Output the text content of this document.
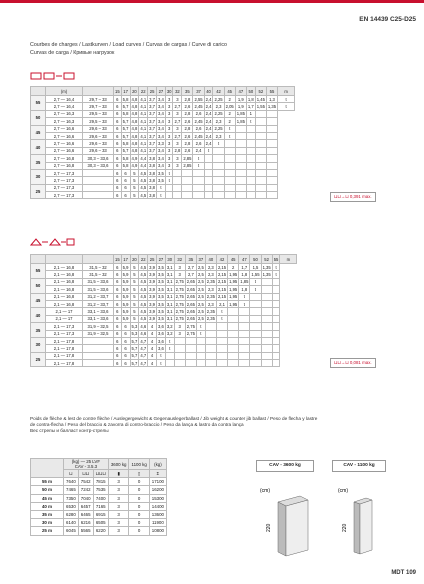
EN 14439 C25-D25
Courbes de charges / Lastkurven / Load curves / Curvas de cargas / Curve di carico
Curvas de carga / Кривые нагрузок
	(m)		15	17	20	22	25	27	30	32	35	37	40	42	45	47	50	52	55	m
55	2,7 — 16,4	29,7 – 33	6	5,8	4,8	4,1	3,7	3,4	3	3	2,8	2,55	2,4	2,25	2	1,9	1,8	1,45	1,3	t
	2,7 — 16,4	29,7 – 33	6	5,7	4,8	4,1	3,7	3,4	3	2,7	2,6	2,45	2,4	2,3	2,05	1,9	1,7	1,55	1,35	t
50	2,7 — 16,3	29,5 – 33	6	5,8	4,8	4,1	3,7	3,4	3	3	2,8	2,6	2,4	2,25	2	1,85	1			
	2,7 — 16,3	29,5 – 33	6	5,7	4,8	4,1	3,7	3,4	3	2,7	2,6	2,45	2,4	2,3	2	1,85	t			
45	2,7 — 16,6	29,6 – 33	6	5,7	4,8	4,1	3,7	3,4	3	3	2,8	2,6	2,4	2,25	t					
	2,7 — 16,6	29,6 – 33	6	5,7	4,8	4,1	3,7	3,4	3	2,7	2,6	2,45	2,4	2,3	t					
40	2,7 — 16,6	29,6 – 33	6	5,8	4,8	4,1	3,7	3,3	3	3	2,8	2,6	2,4	t						
	2,7 — 16,6	29,6 – 33	6	5,7	4,8	4,1	3,7	3,4	3	2,8	2,6	2,4	t							
35	2,7 — 16,8	30,3 – 33,6	6	5,8	4,9	4,4	3,8	3,4	3	3	2,85	t								
	2,7 — 16,8	30,3 – 33,6	6	5,8	4,9	4,4	3,8	3,4	3	3	2,85	t								
30	2,7 — 17,3		6	6	5	4,5	3,8	3,5	t											
	2,7 — 17,3		6	6	5	4,5	3,8	3,5	t											
25	2,7 — 17,3		6	6	5	4,5	3,8	t												
	2,7 — 17,3		6	6	5	4,5	3,8	t													⊔⊔→⊔ 0,391 max.
			15	17	20	22	25	27	30	32	35	37	40	42	45	47	50	52	55	m
55	2,1 — 16,8	31,5 – 32	6	5,9	5	4,5	3,9	3,5	3,1	3	2,7	2,5	2,3	2,15	2	1,7	1,5	1,35	t	
	2,1 — 16,8	31,5 – 32	6	5,9	5	4,5	3,9	3,5	3,1	3	2,7	2,5	2,3	2,15	1,95	1,8	1,55	1,35	t	
50	2,1 — 16,8	31,5 – 33,6	6	5,9	5	4,5	3,9	3,5	3,1	2,75	2,65	2,5	2,35	2,15	1,95	1,85	t			
	2,1 — 16,8	31,5 – 33,6	6	5,9	5	4,5	3,9	3,5	3,1	2,75	2,65	2,5	2,3	2,15	1,95	1,8	t			
45	2,1 — 16,8	31,2 – 33,7	6	5,9	5	4,5	3,9	3,5	3,1	2,75	2,65	2,5	2,35	2,15	1,95	t				
	2,1 — 16,8	31,2 – 33,7	6	5,9	5	4,5	3,9	3,5	3,1	2,75	2,65	2,5	2,3	2,1	1,95	t				
40	2,1 — 17	33,1 – 33,6	6	5,9	5	4,5	3,9	3,5	3,1	2,75	2,65	2,5	2,35	t						
	2,1 — 17	33,1 – 33,6	6	5,9	5	4,5	3,9	3,5	3,1	2,75	2,65	2,5	2,35	t						
35	2,1 — 17,3	31,9 – 32,5	6	6	5,3	4,6	4	3,6	3,2	3	2,75	t								
	2,1 — 17,3	31,9 – 32,5	6	6	5,3	4,6	4	3,6	3,2	3	2,75	t								
30	2,1 — 17,8		6	6	5,7	4,7	4	3,6	t											
	2,1 — 17,8		6	6	5,7	4,7	4	3,6	t											
25	2,1 — 17,8		6	6	5,7	4,7	4	t												
	2,1 — 17,8		6	6	5,7	4,7	4	t													⊔⊔→⊔ 0,081 max.
Poids de flèche & lest de contre flèche / Auslegergewicht & Gegenauslegerballast / Jib weight & counter jib ballast / Peso de flecha y lastre
de contra-flecha / Peso del braccio & zavorra di contro-braccio / Peso da lança & lastro da contra lança
Вес стрелы и балласт контр-стрелы
	(kg) — 25 LVF
CAV - 3.5.3			3600 kg	1100 kg	(kg)
	⊔	⊔⊔	⊔⊔⊔	▮	▯	Σ
55 m	7640	7542	7815	3	0	17100
50 m	7465	7242	7535	3	0	16200
45 m	7350	7040	7400	3	0	15300
40 m	6530	6457	7165	3	0	14400
35 m	6280	6465	6915	3	0	13600
30 m	6140	6216	6505	3	0	11900
25 m	6045	5565	6220	3	0	10800
CAV - 3600 kg	CAV - 1100 kg
(cm)
220
(cm)
220
MDT 109
